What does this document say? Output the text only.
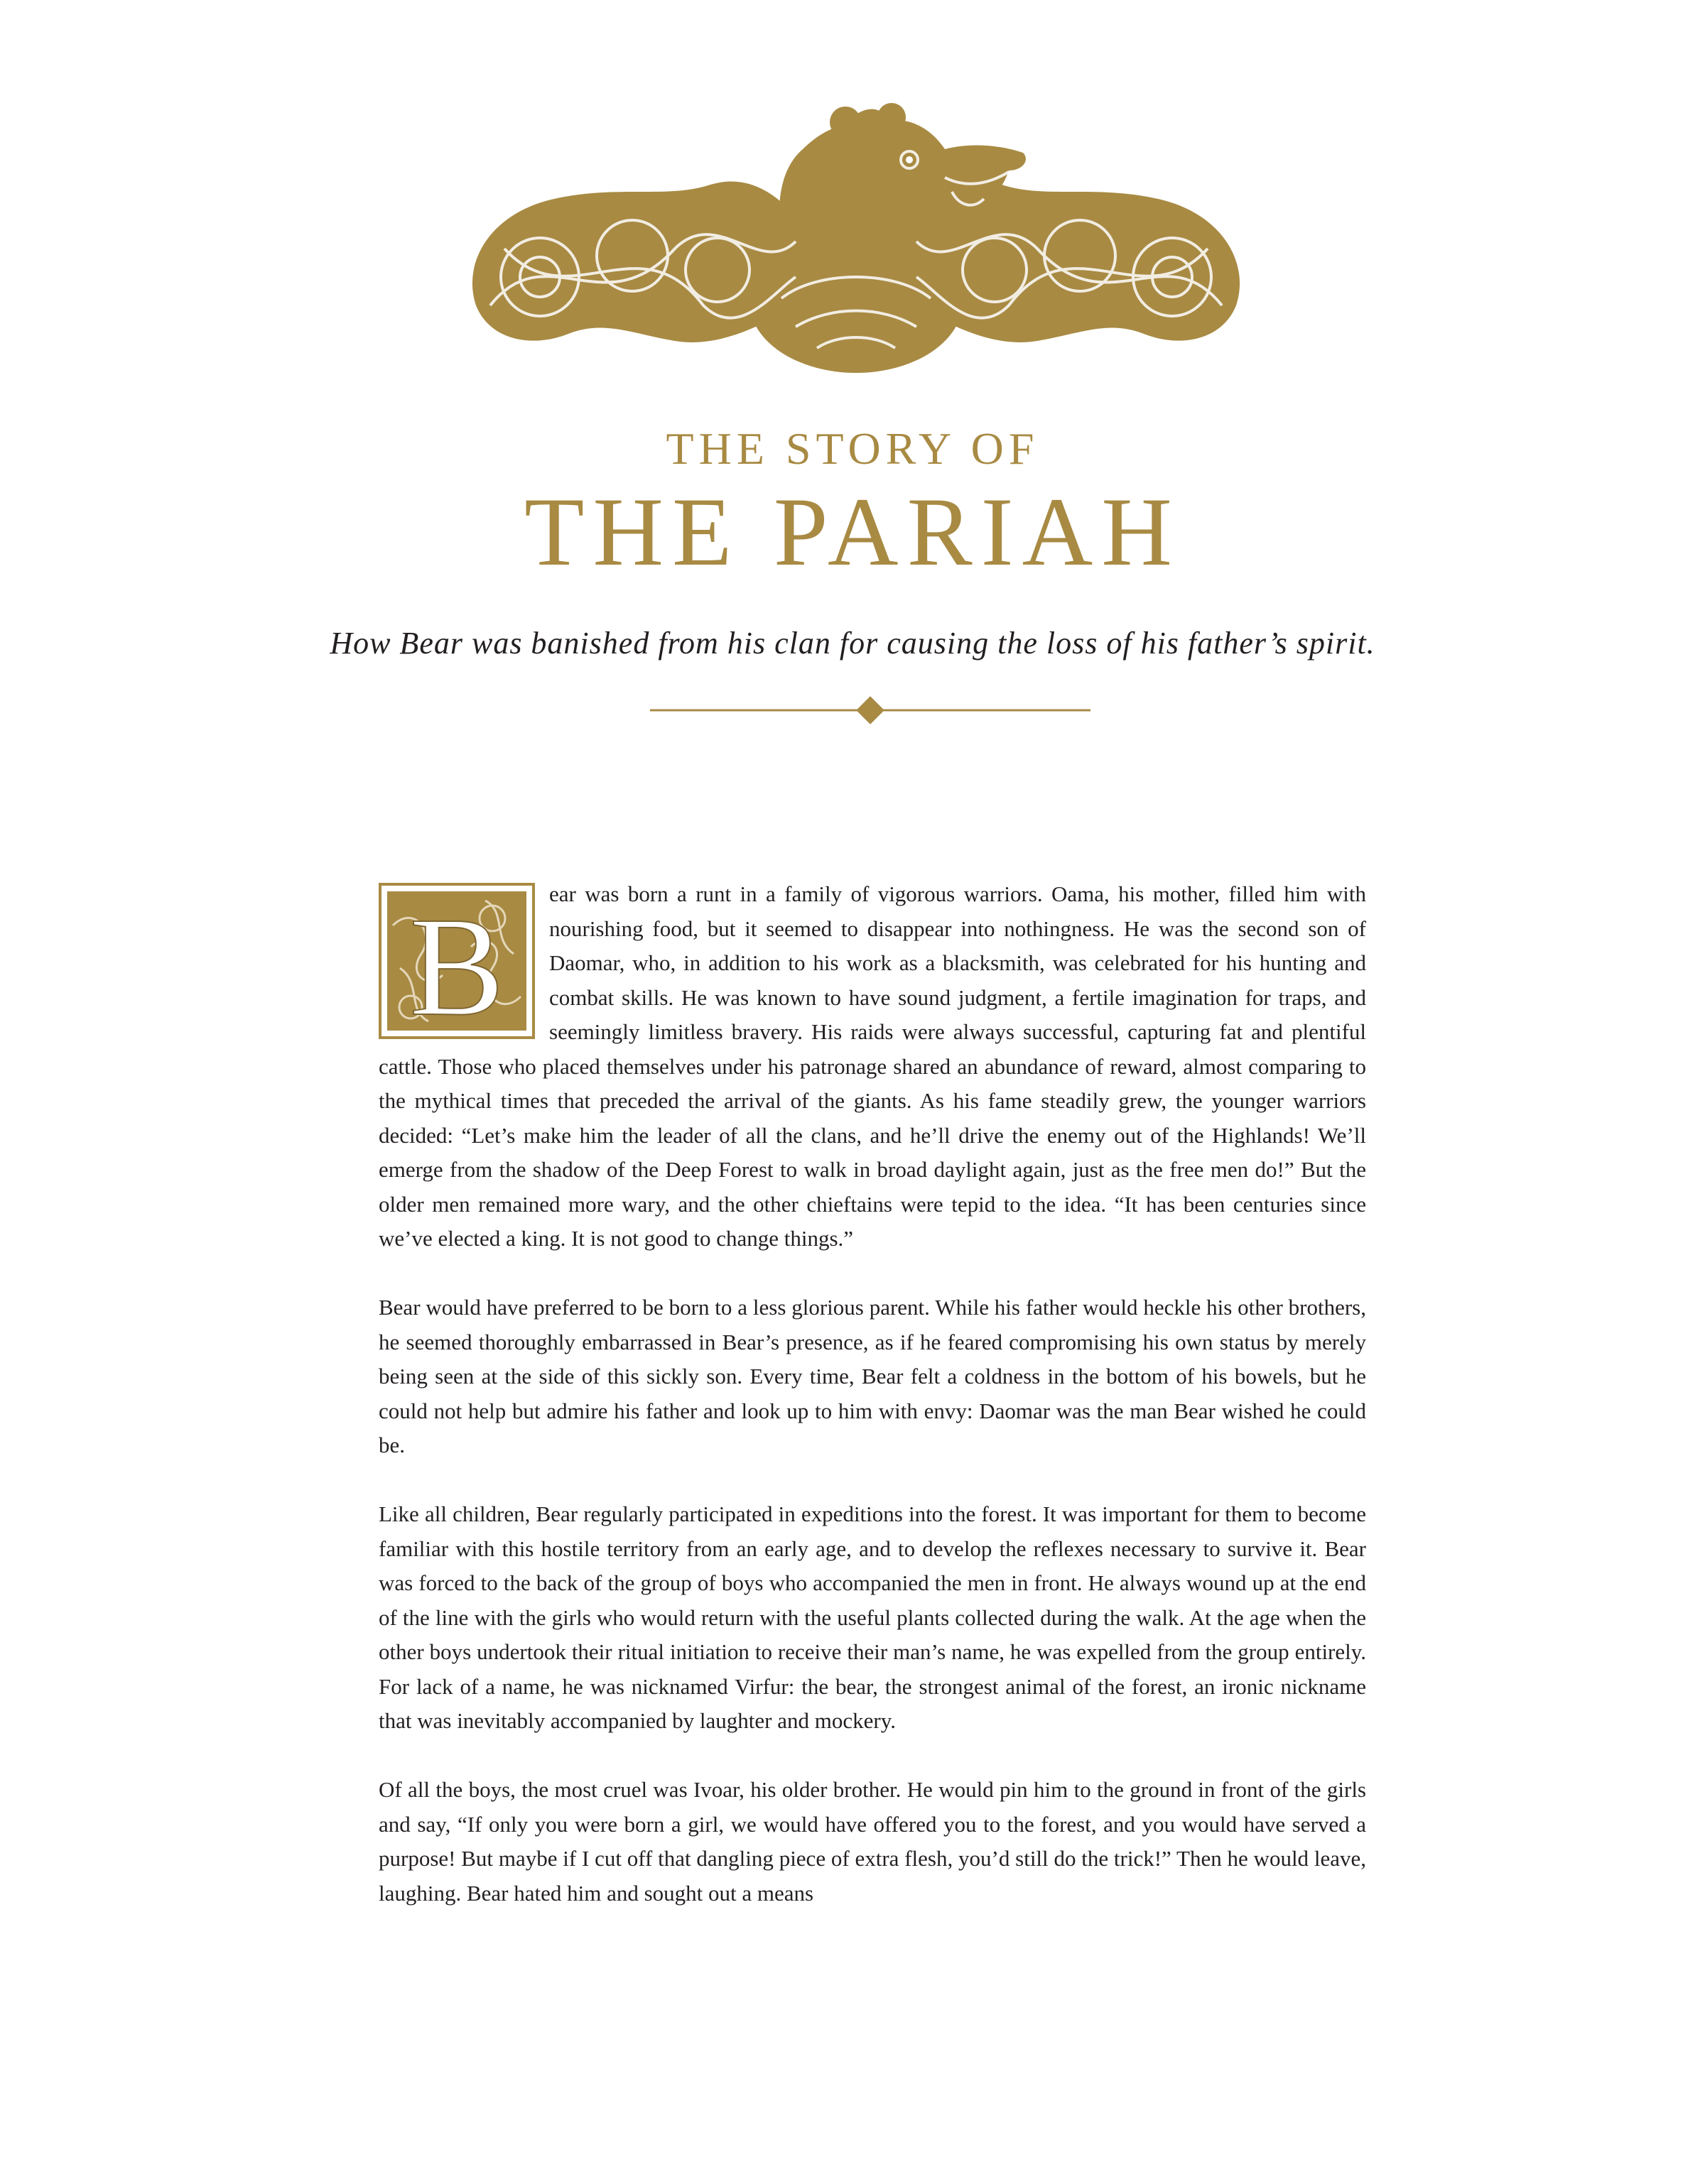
THE STORY OF
THE PARIAH
How Bear was banished from his clan for causing the loss of his father’s spirit.

B ear was born a runt in a family of vigorous warriors. Oama, his mother, filled him with nourishing food, but it seemed to disappear into nothingness. He was the second son of Daomar, who, in addition to his work as a blacksmith, was celebrated for his hunting and combat skills. He was known to have sound judgment, a fertile imagination for traps, and seemingly limitless bravery. His raids were always successful, capturing fat and plentiful cattle. Those who placed themselves under his patronage shared an abundance of reward, almost comparing to the mythical times that preceded the arrival of the giants. As his fame steadily grew, the younger warriors decided: “Let’s make him the leader of all the clans, and he’ll drive the enemy out of the Highlands! We’ll emerge from the shadow of the Deep Forest to walk in broad daylight again, just as the free men do!” But the older men remained more wary, and the other chieftains were tepid to the idea. “It has been centuries since we’ve elected a king. It is not good to change things.”

Bear would have preferred to be born to a less glorious parent. While his father would heckle his other brothers, he seemed thoroughly embarrassed in Bear’s presence, as if he feared compromising his own status by merely being seen at the side of this sickly son. Every time, Bear felt a coldness in the bottom of his bowels, but he could not help but admire his father and look up to him with envy: Daomar was the man Bear wished he could be.

Like all children, Bear regularly participated in expeditions into the forest. It was important for them to become familiar with this hostile territory from an early age, and to develop the reflexes necessary to survive it. Bear was forced to the back of the group of boys who accompanied the men in front. He always wound up at the end of the line with the girls who would return with the useful plants collected during the walk. At the age when the other boys undertook their ritual initiation to receive their man’s name, he was expelled from the group entirely. For lack of a name, he was nicknamed Virfur: the bear, the strongest animal of the forest, an ironic nickname that was inevitably accompanied by laughter and mockery.

Of all the boys, the most cruel was Ivoar, his older brother. He would pin him to the ground in front of the girls and say, “If only you were born a girl, we would have offered you to the forest, and you would have served a purpose! But maybe if I cut off that dangling piece of extra flesh, you’d still do the trick!” Then he would leave, laughing. Bear hated him and sought out a means
